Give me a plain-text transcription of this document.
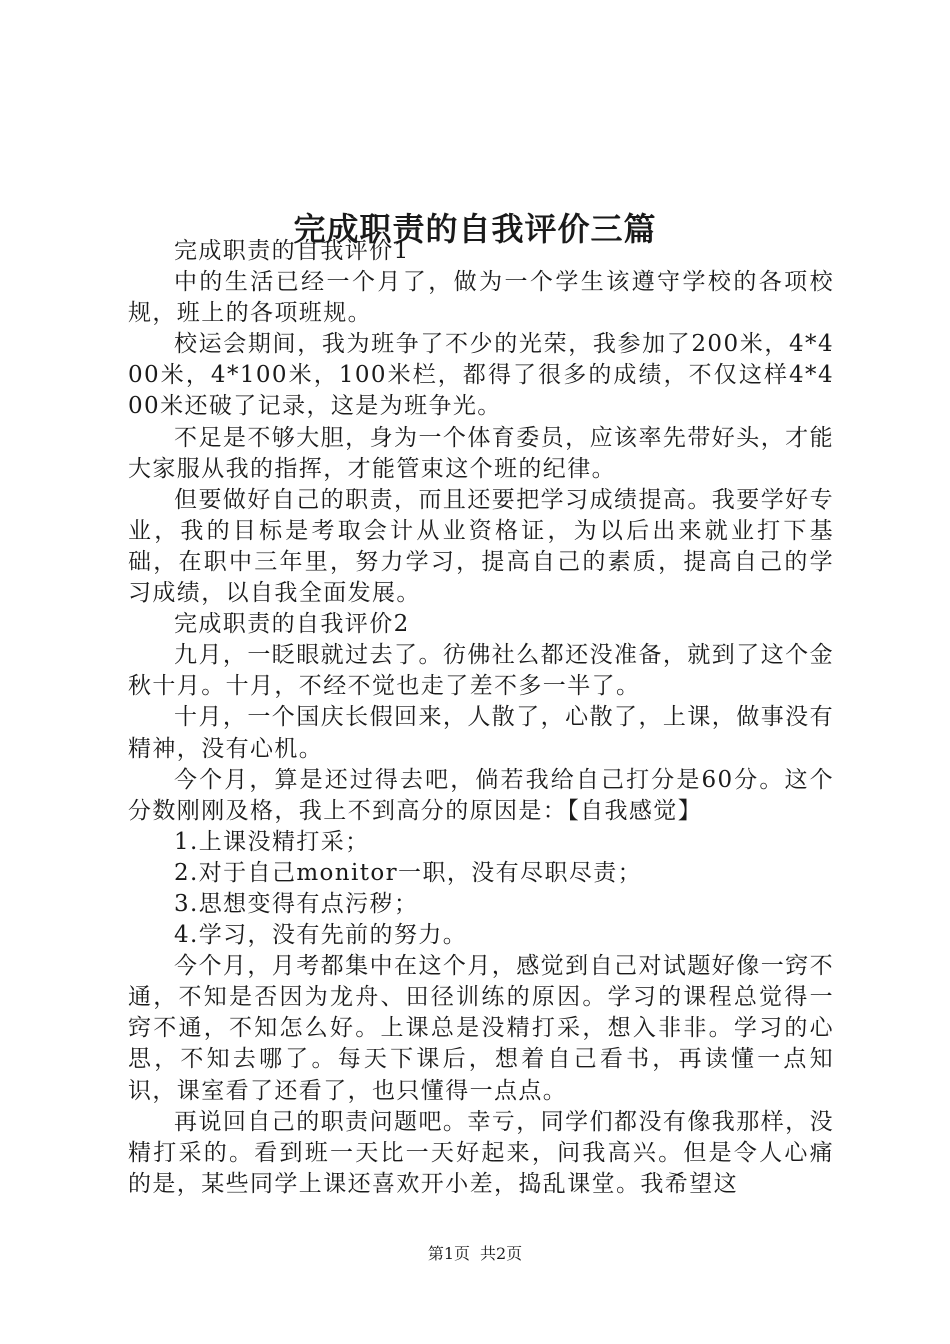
完成职责的自我评价三篇

完成职责的自我评价1

中的生活已经一个月了，做为一个学生该遵守学校的各项校规，班上的各项班规。

校运会期间，我为班争了不少的光荣，我参加了200米，4*400米，4*100米，100米栏，都得了很多的成绩，不仅这样4*400米还破了记录，这是为班争光。

不足是不够大胆，身为一个体育委员，应该率先带好头，才能大家服从我的指挥，才能管束这个班的纪律。

但要做好自己的职责，而且还要把学习成绩提高。我要学好专业，我的目标是考取会计从业资格证，为以后出来就业打下基础，在职中三年里，努力学习，提高自己的素质，提高自己的学习成绩，以自我全面发展。

完成职责的自我评价2

九月，一眨眼就过去了。彷佛社么都还没准备，就到了这个金秋十月。十月，不经不觉也走了差不多一半了。

十月，一个国庆长假回来，人散了，心散了，上课，做事没有精神，没有心机。

今个月，算是还过得去吧，倘若我给自己打分是60分。这个分数刚刚及格，我上不到高分的原因是：【自我感觉】

1.上课没精打采；

2.对于自己monitor一职，没有尽职尽责；

3.思想变得有点污秽；

4.学习，没有先前的努力。

今个月，月考都集中在这个月，感觉到自己对试题好像一窍不通，不知是否因为龙舟、田径训练的原因。学习的课程总觉得一窍不通，不知怎么好。上课总是没精打采，想入非非。学习的心思，不知去哪了。每天下课后，想着自己看书，再读懂一点知识，课室看了还看了，也只懂得一点点。

再说回自己的职责问题吧。幸亏，同学们都没有像我那样，没精打采的。看到班一天比一天好起来，问我高兴。但是令人心痛的是，某些同学上课还喜欢开小差，捣乱课堂。我希望这

第1页 共2页
